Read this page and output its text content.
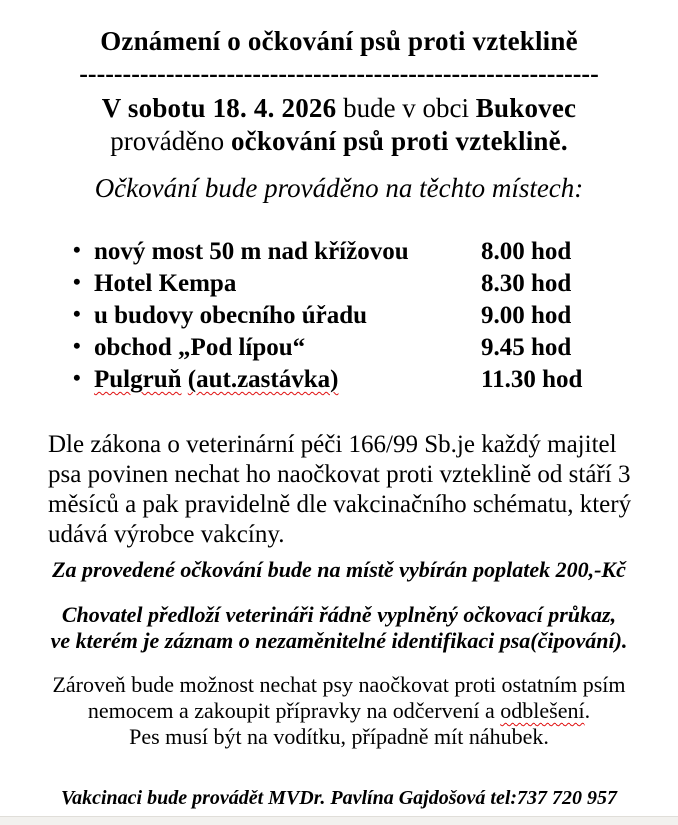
Oznámení o očkování psů proti vzteklině
------------------------------------------------------------
V sobotu 18. 4. 2026 bude v obci Bukovec
prováděno očkování psů proti vzteklině.
Očkování bude prováděno na těchto místech:
• nový most 50 m nad křížovou	8.00 hod
• Hotel Kempa	8.30 hod
• u budovy obecního úřadu	9.00 hod
• obchod „Pod lípou“	9.45 hod
• Pulgruň (aut.zastávka)	11.30 hod
Dle zákona o veterinární péči 166/99 Sb.je každý majitel
psa povinen nechat ho naočkovat proti vzteklině od stáří 3
měsíců a pak pravidelně dle vakcinačního schématu, který
udává výrobce vakcíny.
Za provedené očkování bude na místě vybírán poplatek 200,-Kč
Chovatel předloží veterináři řádně vyplněný očkovací průkaz,
ve kterém je záznam o nezaměnitelné identifikaci psa(čipování).
Zároveň bude možnost nechat psy naočkovat proti ostatním psím
nemocem a zakoupit přípravky na odčervení a odblešení.
Pes musí být na vodítku, případně mít náhubek.
Vakcinaci bude provádět MVDr. Pavlína Gajdošová tel:737 720 957
